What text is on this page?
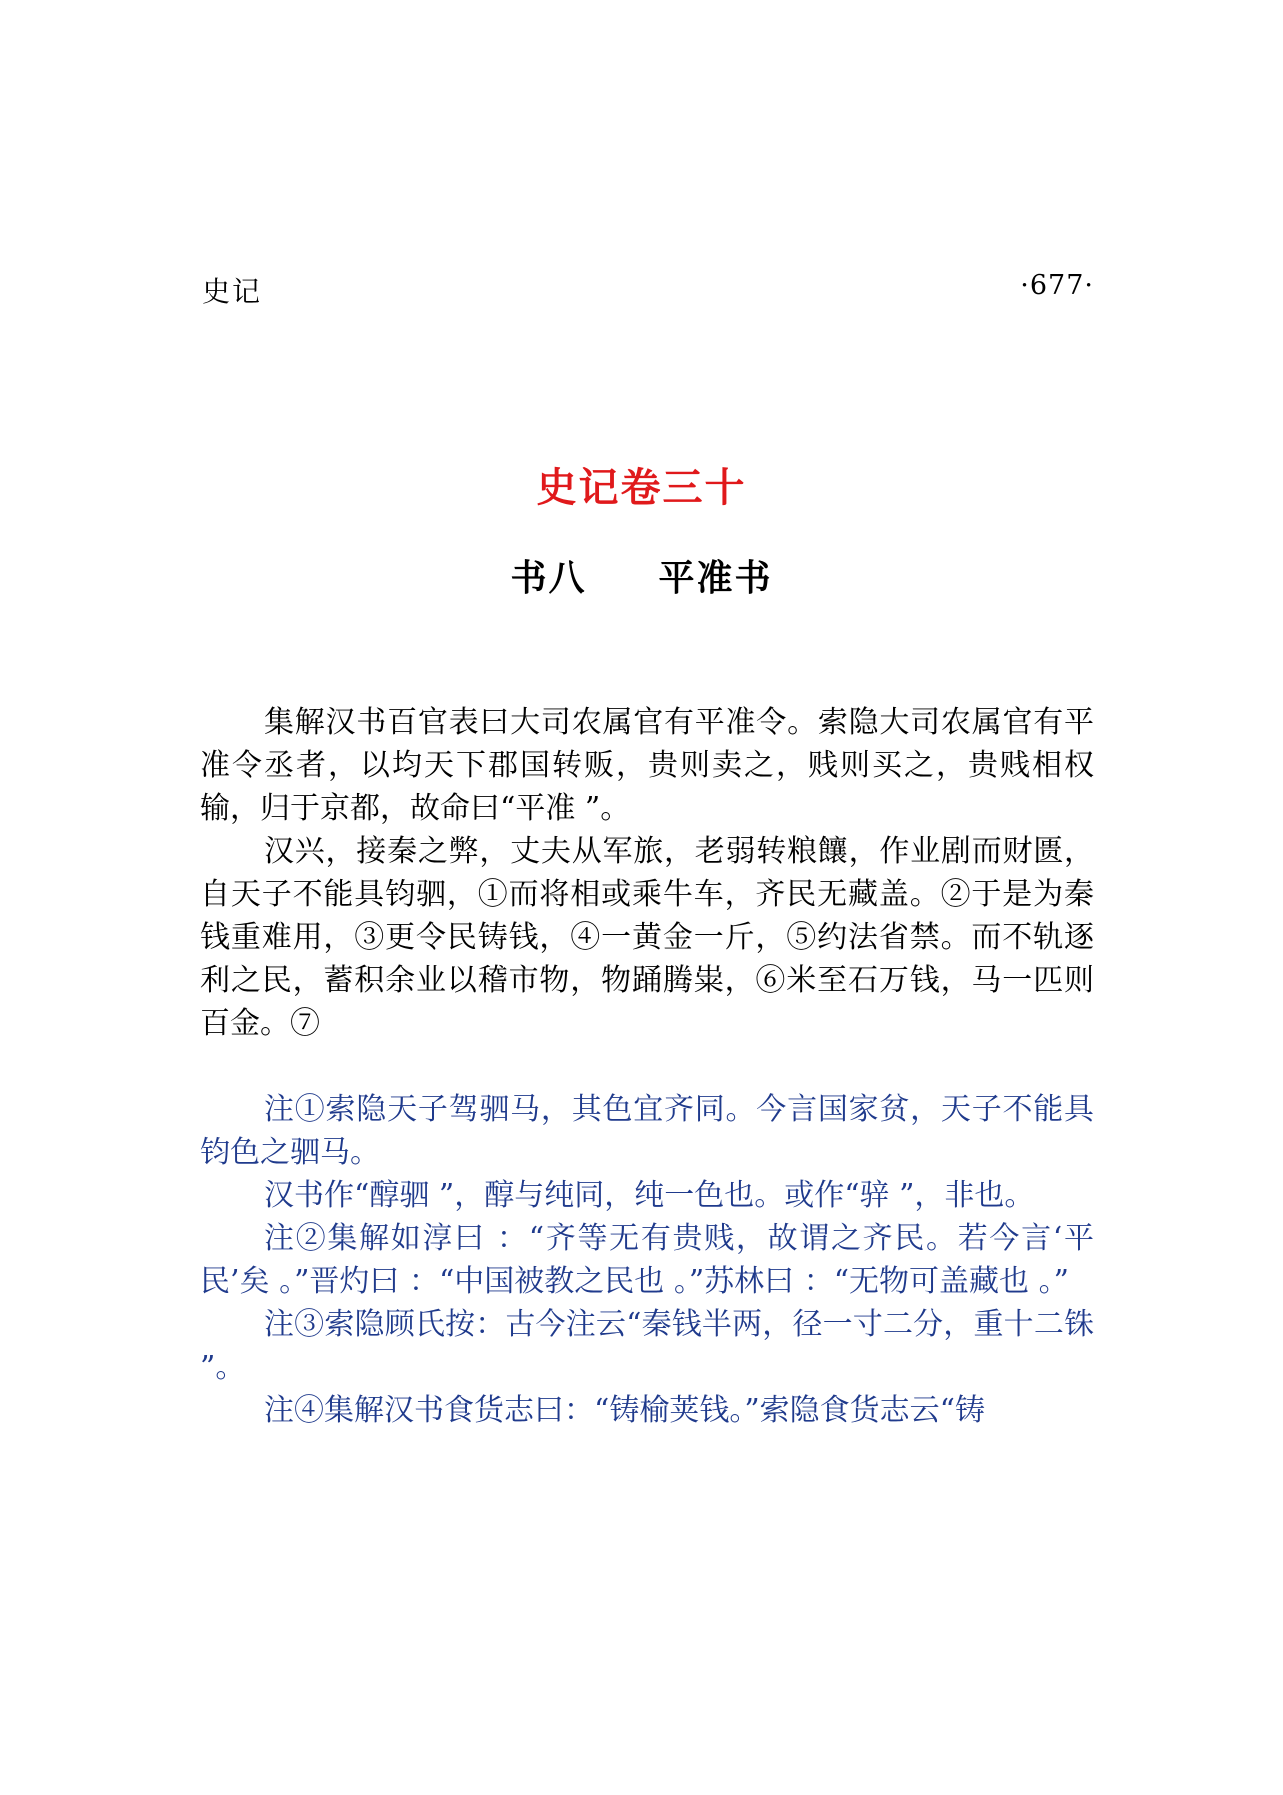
史记	·677·
史记卷三十
书八 平准书

集解汉书百官表曰大司农属官有平准令。索隐大司农属官有平准令丞者，以均天下郡国转贩，贵则卖之，贱则买之，贵贱相权输，归于京都，故命曰“平准 ”。

汉兴，接秦之弊，丈夫从军旅，老弱转粮饟，作业剧而财匮，自天子不能具钧驷，①而将相或乘牛车，齐民无藏盖。②于是为秦钱重难用，③更令民铸钱，④一黄金一斤，⑤约法省禁。而不轨逐利之民，蓄积余业以稽市物，物踊腾粜，⑥米至石万钱，马一匹则百金。⑦

注①索隐天子驾驷马，其色宜齐同。今言国家贫，天子不能具钧色之驷马。

汉书作“醇驷 ”，醇与纯同，纯一色也。或作“骍 ”，非也。

注②集解如淳曰 ：“齐等无有贵贱，故谓之齐民。若今言‘平民’矣 。”晋灼曰 ：“中国被教之民也 。”苏林曰 ：“无物可盖藏也 。”

注③索隐顾氏按：古今注云“秦钱半两，径一寸二分，重十二铢 ”。

注④集解汉书食货志曰：“铸榆荚钱。”索隐食货志云“铸
